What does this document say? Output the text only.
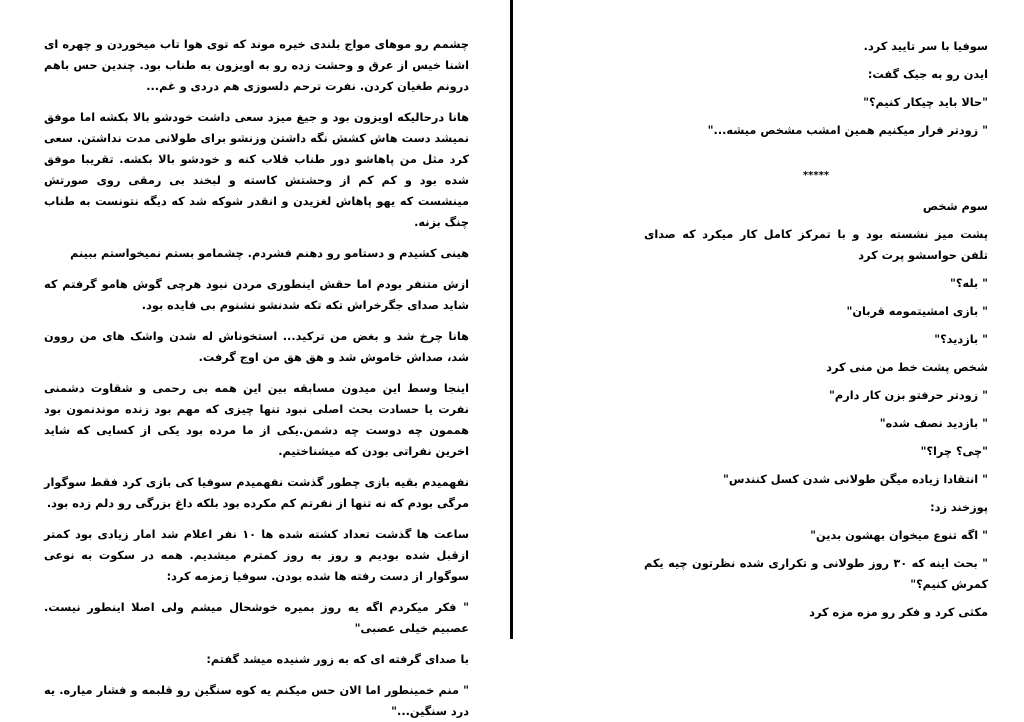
چشمم رو موهای مواج بلندی خیره موند که توی هوا تاب میخوردن و چهره ای اشنا خیس از عرق و وحشت زده رو به اویزون به طناب بود. چندین حس باهم درونم طغیان کردن. نفرت ترحم دلسوزی هم دردی و غم...

هانا درحالیکه اویزون بود و جیغ میزد سعی داشت خودشو بالا بکشه اما موفق نمیشد دست هاش کشش نگه داشتن وزنشو برای طولانی مدت نداشتن. سعی کرد مثل من پاهاشو دور طناب قلاب کنه و خودشو بالا بکشه. تقریبا موفق شده بود و کم کم از وحشتش کاسته و لبخند بی رمقی روی صورتش مینشست که یهو پاهاش لغزیدن و انقدر شوکه شد که دیگه نتونست به طناب چنگ بزنه.

هینی کشیدم و دستامو رو دهنم فشردم. چشمامو بستم نمیخواستم ببینم

ازش متنفر بودم اما حقش اینطوری مردن نبود هرچی گوش هامو گرفتم که شاید صدای جگرخراش تکه تکه شدنشو نشنوم بی فایده بود.

هانا چرخ شد و بغض من ترکید... استخوناش له شدن واشک های من روون شد، صداش خاموش شد و هق هق من اوج گرفت.

اینجا وسط این میدون مسابقه بین این همه بی رحمی و شقاوت دشمنی نفرت یا حسادت بحث اصلی نبود تنها چیزی که مهم بود زنده موندنمون بود هممون چه دوست چه دشمن.یکی از ما مرده بود یکی از کسایی که شاید اخرین نفراتی بودن که میشناختیم.

نفهمیدم بقیه بازی چطور گذشت نفهمیدم سوفیا کی بازی کرد فقط سوگوار مرگی بودم که نه تنها از نفرتم کم مکرده بود بلکه داغ بزرگی رو دلم زده بود.

ساعت ها گذشت تعداد کشته شده ها ۱۰ نفر اعلام شد امار زیادی بود کمتر ازقبل شده بودیم و روز به روز کمترم میشدیم. همه در سکوت به نوعی سوگوار از دست رفته ها شده بودن. سوفیا زمزمه کرد:

" فکر میکردم اگه یه روز بمیره خوشحال میشم ولی اصلا اینطور نیست. عصبیم خیلی عصبی"

با صدای گرفته ای که به زور شنیده میشد گفتم:

" منم خمینطور اما الان حس میکنم یه کوه سنگین رو قلبمه و فشار میاره. یه درد سنگین..."

سوفیا با سر تایید کرد.

ایدن رو به جیک گفت:

"حالا باید چیکار کنیم؟"

" زودتر فرار میکنیم همین امشب مشخص میشه..."

*****

سوم شخص

پشت میز نشسته بود و با تمرکز کامل کار میکرد که صدای تلفن حواسشو پرت کرد

" بله؟"

" بازی امشیتمومه قربان"

" بازدید؟"

شخص پشت خط من منی کرد

" زودتر حرفتو بزن کار دارم"

" بازدید نصف شده"

"چی؟ چرا؟"

" انتقادا زیاده میگن طولانی شدن کسل کنندس"

پوزخند زد:

" اگه تنوع میخوان بهشون بدین"

" بحث اینه که ۳۰ روز طولانی و تکراری شده نظرتون چیه یکم کمرش کنیم؟"

مکثی کرد و فکر رو مزه مزه کرد
